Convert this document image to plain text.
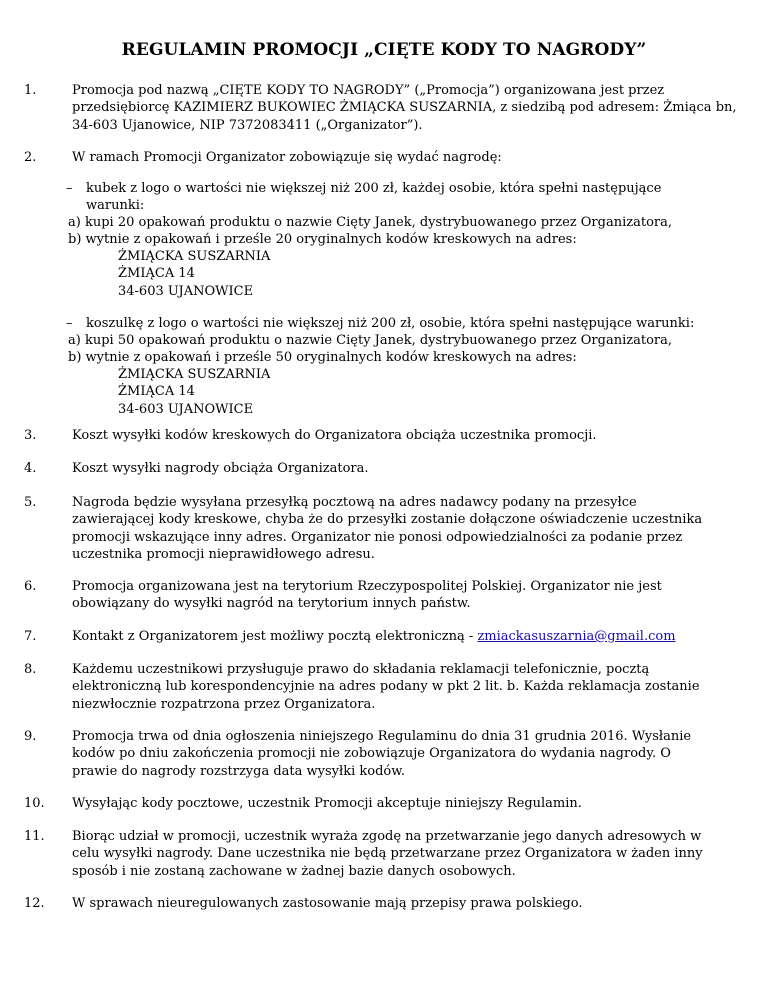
REGULAMIN PROMOCJI „CIĘTE KODY TO NAGRODY”
1.	Promocja pod nazwą „CIĘTE KODY TO NAGRODY” („Promocja”) organizowana jest przez
przedsiębiorcę KAZIMIERZ BUKOWIEC ŻMIĄCKA SUSZARNIA, z siedzibą pod adresem: Żmiąca bn,
34-603 Ujanowice, NIP 7372083411 („Organizator”).
2.	W ramach Promocji Organizator zobowiązuje się wydać nagrodę:
–	kubek z logo o wartości nie większej niż 200 zł, każdej osobie, która spełni następujące
warunki:
a) kupi 20 opakowań produktu o nazwie Cięty Janek, dystrybuowanego przez Organizatora,
b) wytnie z opakowań i prześle 20 oryginalnych kodów kreskowych na adres:
ŻMIĄCKA SUSZARNIA
ŻMIĄCA 14
34-603 UJANOWICE
–	koszulkę z logo o wartości nie większej niż 200 zł, osobie, która spełni następujące warunki:
a) kupi 50 opakowań produktu o nazwie Cięty Janek, dystrybuowanego przez Organizatora,
b) wytnie z opakowań i prześle 50 oryginalnych kodów kreskowych na adres:
ŻMIĄCKA SUSZARNIA
ŻMIĄCA 14
34-603 UJANOWICE
3.	Koszt wysyłki kodów kreskowych do Organizatora obciąża uczestnika promocji.
4.	Koszt wysyłki nagrody obciąża Organizatora.
5.	Nagroda będzie wysyłana przesyłką pocztową na adres nadawcy podany na przesyłce
zawierającej kody kreskowe, chyba że do przesyłki zostanie dołączone oświadczenie uczestnika
promocji wskazujące inny adres. Organizator nie ponosi odpowiedzialności za podanie przez
uczestnika promocji nieprawidłowego adresu.
6.	Promocja organizowana jest na terytorium Rzeczypospolitej Polskiej. Organizator nie jest
obowiązany do wysyłki nagród na terytorium innych państw.
7.	Kontakt z Organizatorem jest możliwy pocztą elektroniczną - zmiackasuszarnia@gmail.com
8.	Każdemu uczestnikowi przysługuje prawo do składania reklamacji telefonicznie, pocztą
elektroniczną lub korespondencyjnie na adres podany w pkt 2 lit. b. Każda reklamacja zostanie
niezwłocznie rozpatrzona przez Organizatora.
9.	Promocja trwa od dnia ogłoszenia niniejszego Regulaminu do dnia 31 grudnia 2016. Wysłanie
kodów po dniu zakończenia promocji nie zobowiązuje Organizatora do wydania nagrody. O
prawie do nagrody rozstrzyga data wysyłki kodów.
10.	Wysyłając kody pocztowe, uczestnik Promocji akceptuje niniejszy Regulamin.
11.	Biorąc udział w promocji, uczestnik wyraża zgodę na przetwarzanie jego danych adresowych w
celu wysyłki nagrody. Dane uczestnika nie będą przetwarzane przez Organizatora w żaden inny
sposób i nie zostaną zachowane w żadnej bazie danych osobowych.
12.	W sprawach nieuregulowanych zastosowanie mają przepisy prawa polskiego.
